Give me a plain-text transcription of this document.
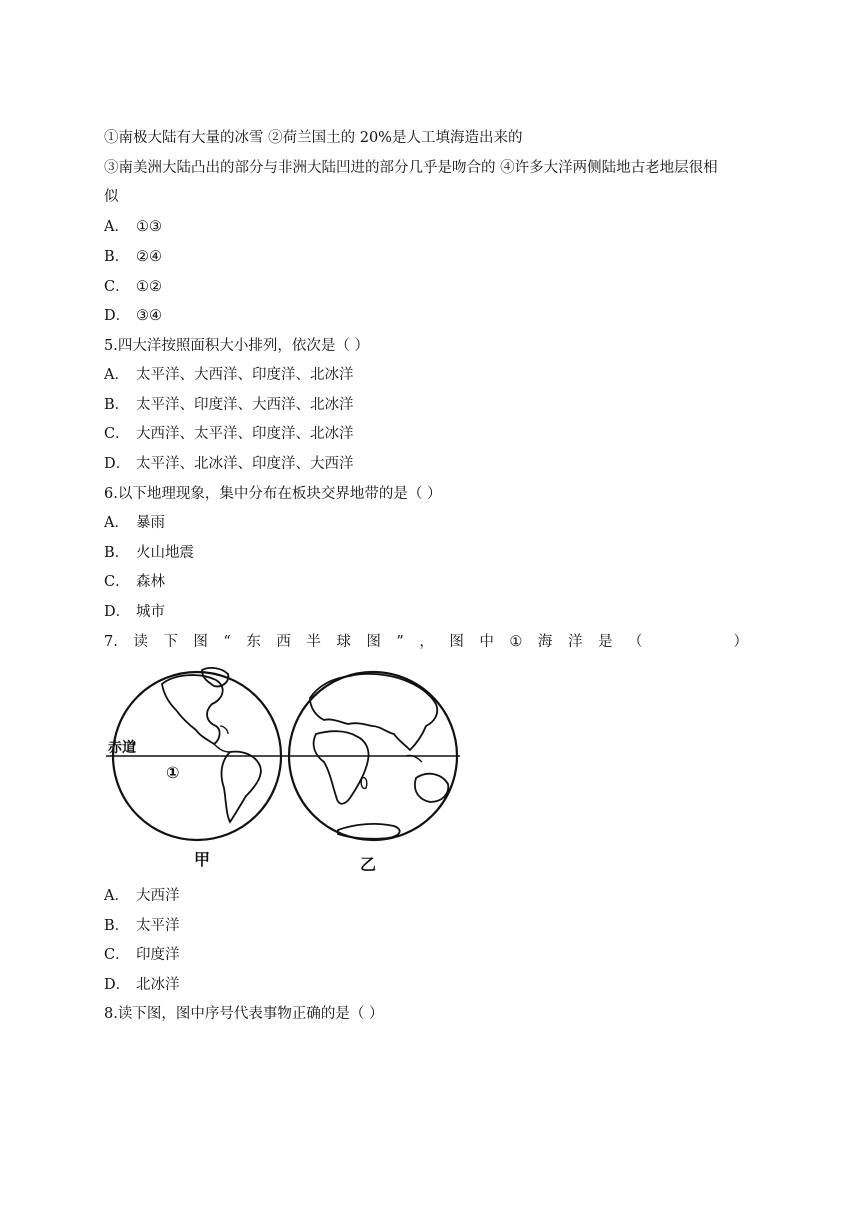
①南极大陆有大量的冰雪 ②荷兰国土的 20%是人工填海造出来的
③南美洲大陆凸出的部分与非洲大陆凹进的部分几乎是吻合的 ④许多大洋两侧陆地古老地层很相
似
A． ①③
B． ②④
C． ①②
D． ③④
5.四大洋按照面积大小排列，依次是（ ）
A． 太平洋、大西洋、印度洋、北冰洋
B． 太平洋、印度洋、大西洋、北冰洋
C． 大西洋、太平洋、印度洋、北冰洋
D． 太平洋、北冰洋、印度洋、大西洋
6.以下地理现象，集中分布在板块交界地带的是（ ）
A． 暴雨
B． 火山地震
C． 森林
D． 城市
7. 读 下 图 “ 东 西 半 球 图 ” ， 图 中 ① 海 洋 是 （	）
赤道
①
甲	乙
A． 大西洋
B． 太平洋
C． 印度洋
D． 北冰洋
8.读下图，图中序号代表事物正确的是（ ）
